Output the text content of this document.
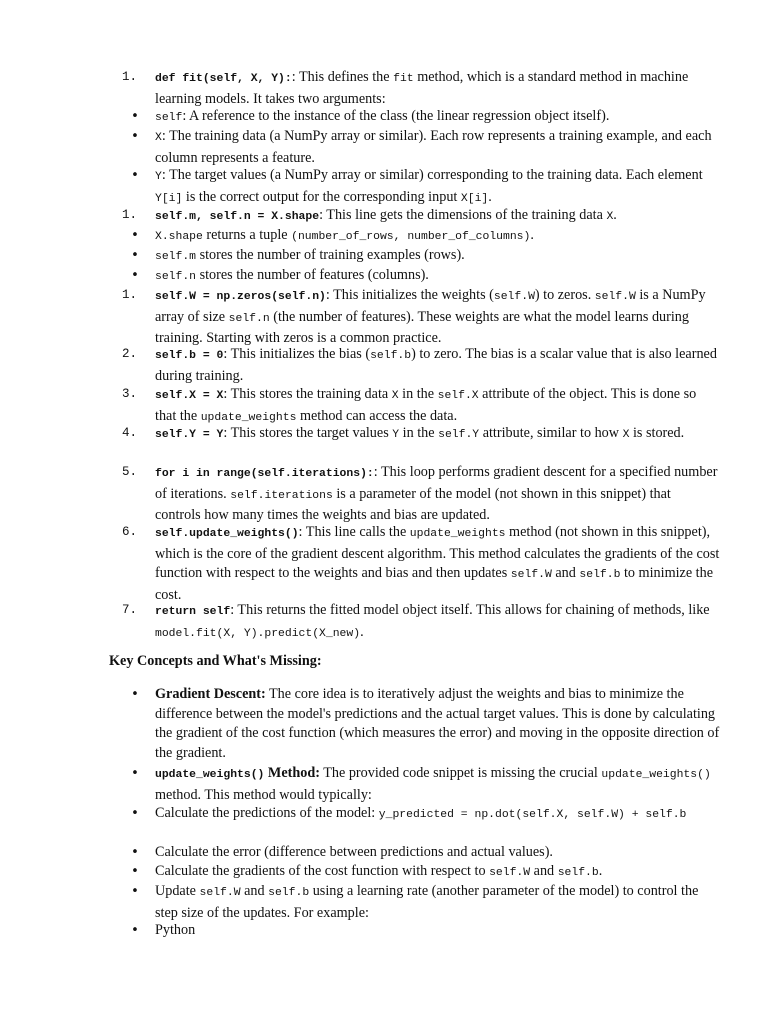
1. def fit(self, X, Y):: This defines the fit method, which is a standard method in machine learning models. It takes two arguments:
• self: A reference to the instance of the class (the linear regression object itself).
• X: The training data (a NumPy array or similar). Each row represents a training example, and each column represents a feature.
• Y: The target values (a NumPy array or similar) corresponding to the training data. Each element Y[i] is the correct output for the corresponding input X[i].
1. self.m, self.n = X.shape: This line gets the dimensions of the training data X.
• X.shape returns a tuple (number_of_rows, number_of_columns).
• self.m stores the number of training examples (rows).
• self.n stores the number of features (columns).
1. self.W = np.zeros(self.n): This initializes the weights (self.W) to zeros. self.W is a NumPy array of size self.n (the number of features). These weights are what the model learns during training. Starting with zeros is a common practice.
2. self.b = 0: This initializes the bias (self.b) to zero. The bias is a scalar value that is also learned during training.
3. self.X = X: This stores the training data X in the self.X attribute of the object. This is done so that the update_weights method can access the data.
4. self.Y = Y: This stores the target values Y in the self.Y attribute, similar to how X is stored.
5. for i in range(self.iterations):: This loop performs gradient descent for a specified number of iterations. self.iterations is a parameter of the model (not shown in this snippet) that controls how many times the weights and bias are updated.
6. self.update_weights(): This line calls the update_weights method (not shown in this snippet), which is the core of the gradient descent algorithm. This method calculates the gradients of the cost function with respect to the weights and bias and then updates self.W and self.b to minimize the cost.
7. return self: This returns the fitted model object itself. This allows for chaining of methods, like model.fit(X, Y).predict(X_new).

Key Concepts and What's Missing:

• Gradient Descent: The core idea is to iteratively adjust the weights and bias to minimize the difference between the model's predictions and the actual target values. This is done by calculating the gradient of the cost function (which measures the error) and moving in the opposite direction of the gradient.
• update_weights() Method: The provided code snippet is missing the crucial update_weights() method. This method would typically:
• Calculate the predictions of the model: y_predicted = np.dot(self.X, self.W) + self.b
• Calculate the error (difference between predictions and actual values).
• Calculate the gradients of the cost function with respect to self.W and self.b.
• Update self.W and self.b using a learning rate (another parameter of the model) to control the step size of the updates. For example:
• Python
